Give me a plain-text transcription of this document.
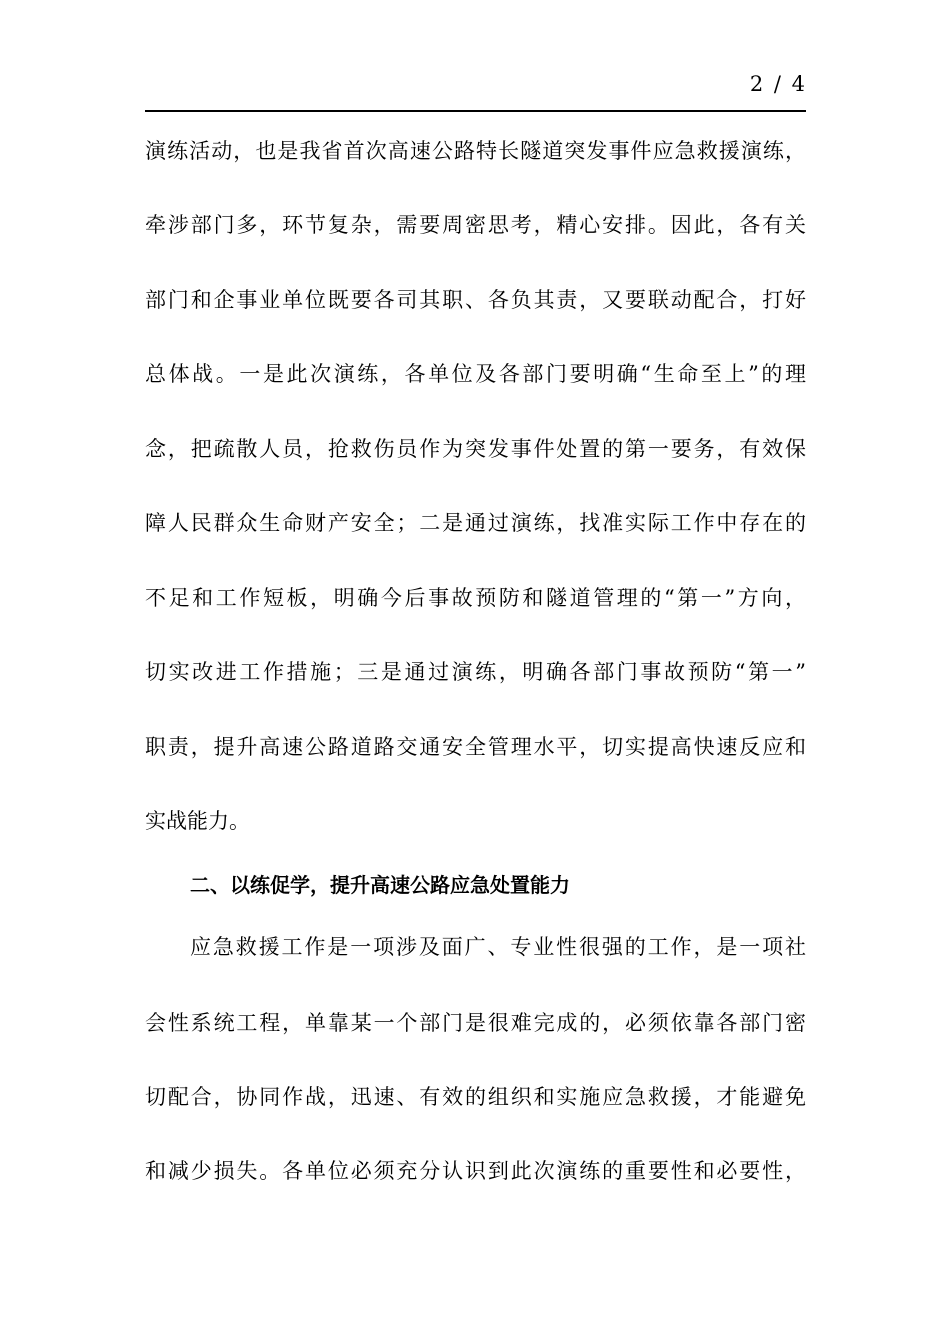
2 / 4
演练活动，也是我省首次高速公路特长隧道突发事件应急救援演练，
牵涉部门多，环节复杂，需要周密思考，精心安排。因此，各有关
部门和企事业单位既要各司其职、各负其责，又要联动配合，打好
总体战。一是此次演练，各单位及各部门要明确“生命至上”的理
念，把疏散人员，抢救伤员作为突发事件处置的第一要务，有效保
障人民群众生命财产安全；二是通过演练，找准实际工作中存在的
不足和工作短板，明确今后事故预防和隧道管理的“第一”方向，
切实改进工作措施；三是通过演练，明确各部门事故预防“第一”
职责，提升高速公路道路交通安全管理水平，切实提高快速反应和
实战能力。
二、以练促学，提升高速公路应急处置能力
应急救援工作是一项涉及面广、专业性很强的工作，是一项社
会性系统工程，单靠某一个部门是很难完成的，必须依靠各部门密
切配合，协同作战，迅速、有效的组织和实施应急救援，才能避免
和减少损失。各单位必须充分认识到此次演练的重要性和必要性，
